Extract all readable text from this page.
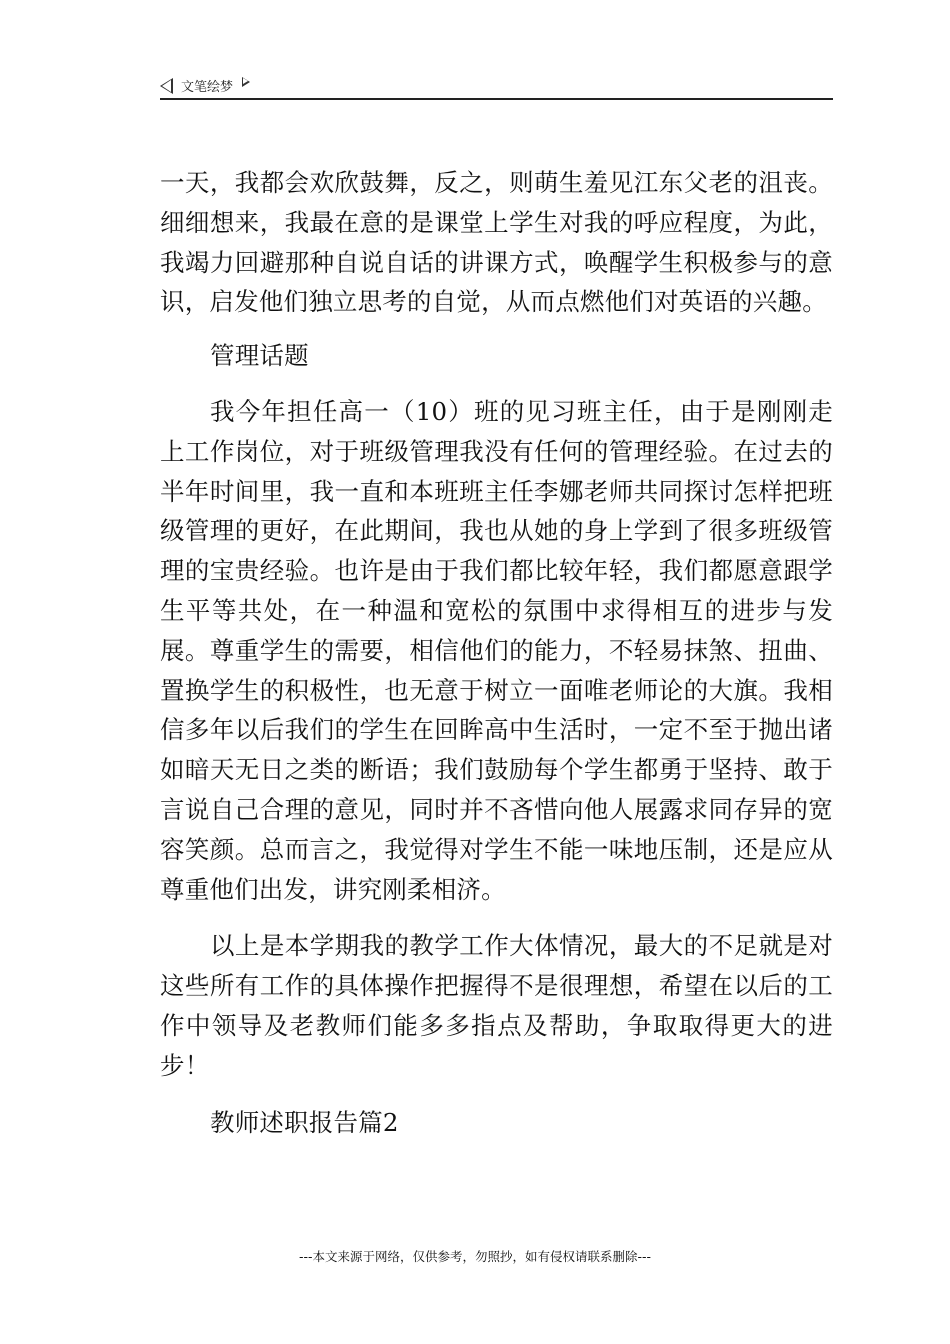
文笔绘梦

一天，我都会欢欣鼓舞，反之，则萌生羞见江东父老的沮丧。细细想来，我最在意的是课堂上学生对我的呼应程度，为此，我竭力回避那种自说自话的讲课方式，唤醒学生积极参与的意识，启发他们独立思考的自觉，从而点燃他们对英语的兴趣。

管理话题

我今年担任高一（10）班的见习班主任，由于是刚刚走上工作岗位，对于班级管理我没有任何的管理经验。在过去的半年时间里，我一直和本班班主任李娜老师共同探讨怎样把班级管理的更好，在此期间，我也从她的身上学到了很多班级管理的宝贵经验。也许是由于我们都比较年轻，我们都愿意跟学生平等共处，在一种温和宽松的氛围中求得相互的进步与发展。尊重学生的需要，相信他们的能力，不轻易抹煞、扭曲、置换学生的积极性，也无意于树立一面唯老师论的大旗。我相信多年以后我们的学生在回眸高中生活时，一定不至于抛出诸如暗天无日之类的断语；我们鼓励每个学生都勇于坚持、敢于言说自己合理的意见，同时并不吝惜向他人展露求同存异的宽容笑颜。总而言之，我觉得对学生不能一味地压制，还是应从尊重他们出发，讲究刚柔相济。

以上是本学期我的教学工作大体情况，最大的不足就是对这些所有工作的具体操作把握得不是很理想，希望在以后的工作中领导及老教师们能多多指点及帮助，争取取得更大的进步！

教师述职报告篇2

---本文来源于网络，仅供参考，勿照抄，如有侵权请联系删除---
